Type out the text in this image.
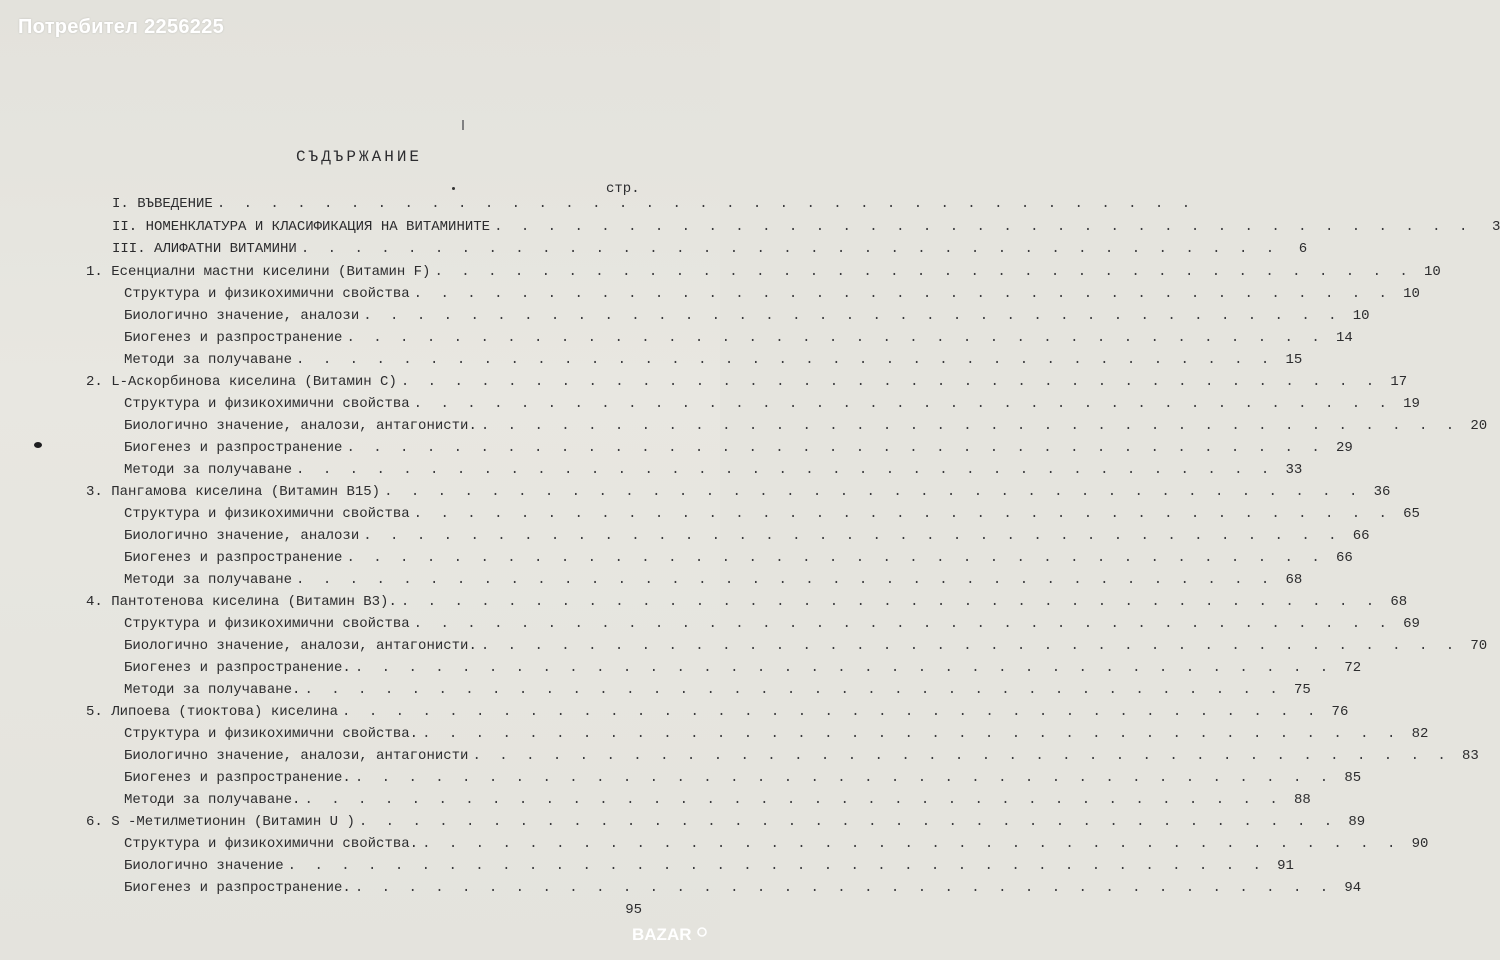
Потребител 2256225
СЪДЪРЖАНИЕ
стр.
I. ВЪВЕДЕНИЕ . . . . . . . . . . . . . . . . . . . . . . . . . . . . . . . . . . . . .
II. НОМЕНКЛАТУРА И КЛАСИФИКАЦИЯ НА ВИТАМИНИТЕ . . . . . . . . . . . . . . . . . . . . . . . . . . . . . . . . . . . . .	3
III. АЛИФАТНИ ВИТАМИНИ . . . . . . . . . . . . . . . . . . . . . . . . . . . . . . . . . . . . .	6
1. Есенциални мастни киселини (Витамин F) . . . . . . . . . . . . . . . . . . . . . . . . . . . . . . . . . . . . . 10
Структура и физикохимични свойства . . . . . . . . . . . . . . . . . . . . . . . . . . . . . . . . . . . . . 10
Биологично значение, аналози . . . . . . . . . . . . . . . . . . . . . . . . . . . . . . . . . . . . . 10
Биогенез и разпространение . . . . . . . . . . . . . . . . . . . . . . . . . . . . . . . . . . . . . 14
Методи за получаване . . . . . . . . . . . . . . . . . . . . . . . . . . . . . . . . . . . . . 15
2. L-Аскорбинова киселина (Витамин С) . . . . . . . . . . . . . . . . . . . . . . . . . . . . . . . . . . . . . 17
Структура и физикохимични свойства . . . . . . . . . . . . . . . . . . . . . . . . . . . . . . . . . . . . . 19
Биологично значение, аналози, антагонисти. . . . . . . . . . . . . . . . . . . . . . . . . . . . . . . . . . . . . . 20
Биогенез и разпространение . . . . . . . . . . . . . . . . . . . . . . . . . . . . . . . . . . . . . 29
Методи за получаване . . . . . . . . . . . . . . . . . . . . . . . . . . . . . . . . . . . . . 33
3. Пангамова киселина (Витамин B15) . . . . . . . . . . . . . . . . . . . . . . . . . . . . . . . . . . . . . 36
Структура и физикохимични свойства . . . . . . . . . . . . . . . . . . . . . . . . . . . . . . . . . . . . . 65
Биологично значение, аналози . . . . . . . . . . . . . . . . . . . . . . . . . . . . . . . . . . . . . 66
Биогенез и разпространение . . . . . . . . . . . . . . . . . . . . . . . . . . . . . . . . . . . . . 66
Методи за получаване . . . . . . . . . . . . . . . . . . . . . . . . . . . . . . . . . . . . . 68
4. Пантотенова киселина (Витамин B3). . . . . . . . . . . . . . . . . . . . . . . . . . . . . . . . . . . . . . 68
Структура и физикохимични свойства . . . . . . . . . . . . . . . . . . . . . . . . . . . . . . . . . . . . . 69
Биологично значение, аналози, антагонисти. . . . . . . . . . . . . . . . . . . . . . . . . . . . . . . . . . . . . . 70
Биогенез и разпространение. . . . . . . . . . . . . . . . . . . . . . . . . . . . . . . . . . . . . . 72
Методи за получаване. . . . . . . . . . . . . . . . . . . . . . . . . . . . . . . . . . . . . . 75
5. Липоева (тиоктова) киселина . . . . . . . . . . . . . . . . . . . . . . . . . . . . . . . . . . . . . 76
Структура и физикохимични свойства. . . . . . . . . . . . . . . . . . . . . . . . . . . . . . . . . . . . . . 82
Биологично значение, аналози, антагонисти . . . . . . . . . . . . . . . . . . . . . . . . . . . . . . . . . . . . . 83
Биогенез и разпространение. . . . . . . . . . . . . . . . . . . . . . . . . . . . . . . . . . . . . . 85
Методи за получаване. . . . . . . . . . . . . . . . . . . . . . . . . . . . . . . . . . . . . . 88
6. S -Метилметионин (Витамин U ) . . . . . . . . . . . . . . . . . . . . . . . . . . . . . . . . . . . . . 89
Структура и физикохимични свойства. . . . . . . . . . . . . . . . . . . . . . . . . . . . . . . . . . . . . . 90
Биологично значение . . . . . . . . . . . . . . . . . . . . . . . . . . . . . . . . . . . . . 91
Биогенез и разпространение. . . . . . . . . . . . . . . . . . . . . . . . . . . . . . . . . . . . . . 94
95
BAZAR
